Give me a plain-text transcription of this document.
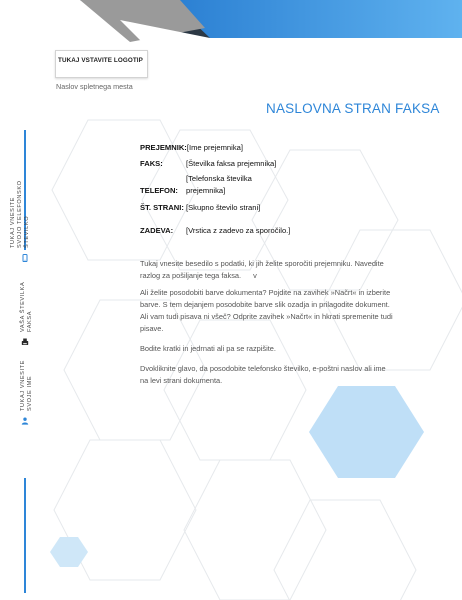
TUKAJ VSTAVITE LOGOTIP
Naslov spletnega mesta
NASLOVNA STRAN FAKSA
PREJEMNIK:[Ime prejemnika]
FAKS:	[Številka faksa prejemnika]
[Telefonska številka
TELEFON: prejemnika]
ŠT. STRANI: [Skupno število strani]
ZADEVA: [Vrstica z zadevo za sporočilo.]
Tukaj vnesite besedilo s podatki, ki jih želite sporočiti prejemniku. Navedite
razlog za pošiljanje tega faksa. v
Ali želite posodobiti barve dokumenta? Pojdite na zavihek »Načrt« in izberite
barve. S tem dejanjem posodobite barve slik ozadja in prilagodite dokument.
Ali vam tudi pisava ni všeč? Odprite zavihek »Načrt« in hkrati spremenite tudi
pisave.
Bodite kratki in jedrnati ali pa se razpišite.
Dvokliknite glavo, da posodobite telefonsko številko, e-poštni naslov ali ime
na levi strani dokumenta.
TUKAJ VNESITE SVOJO TELEFONSKO ŠTEVILKO
VAŠA ŠTEVILKA FAKSA
TUKAJ VNESITE SVOJE IME
